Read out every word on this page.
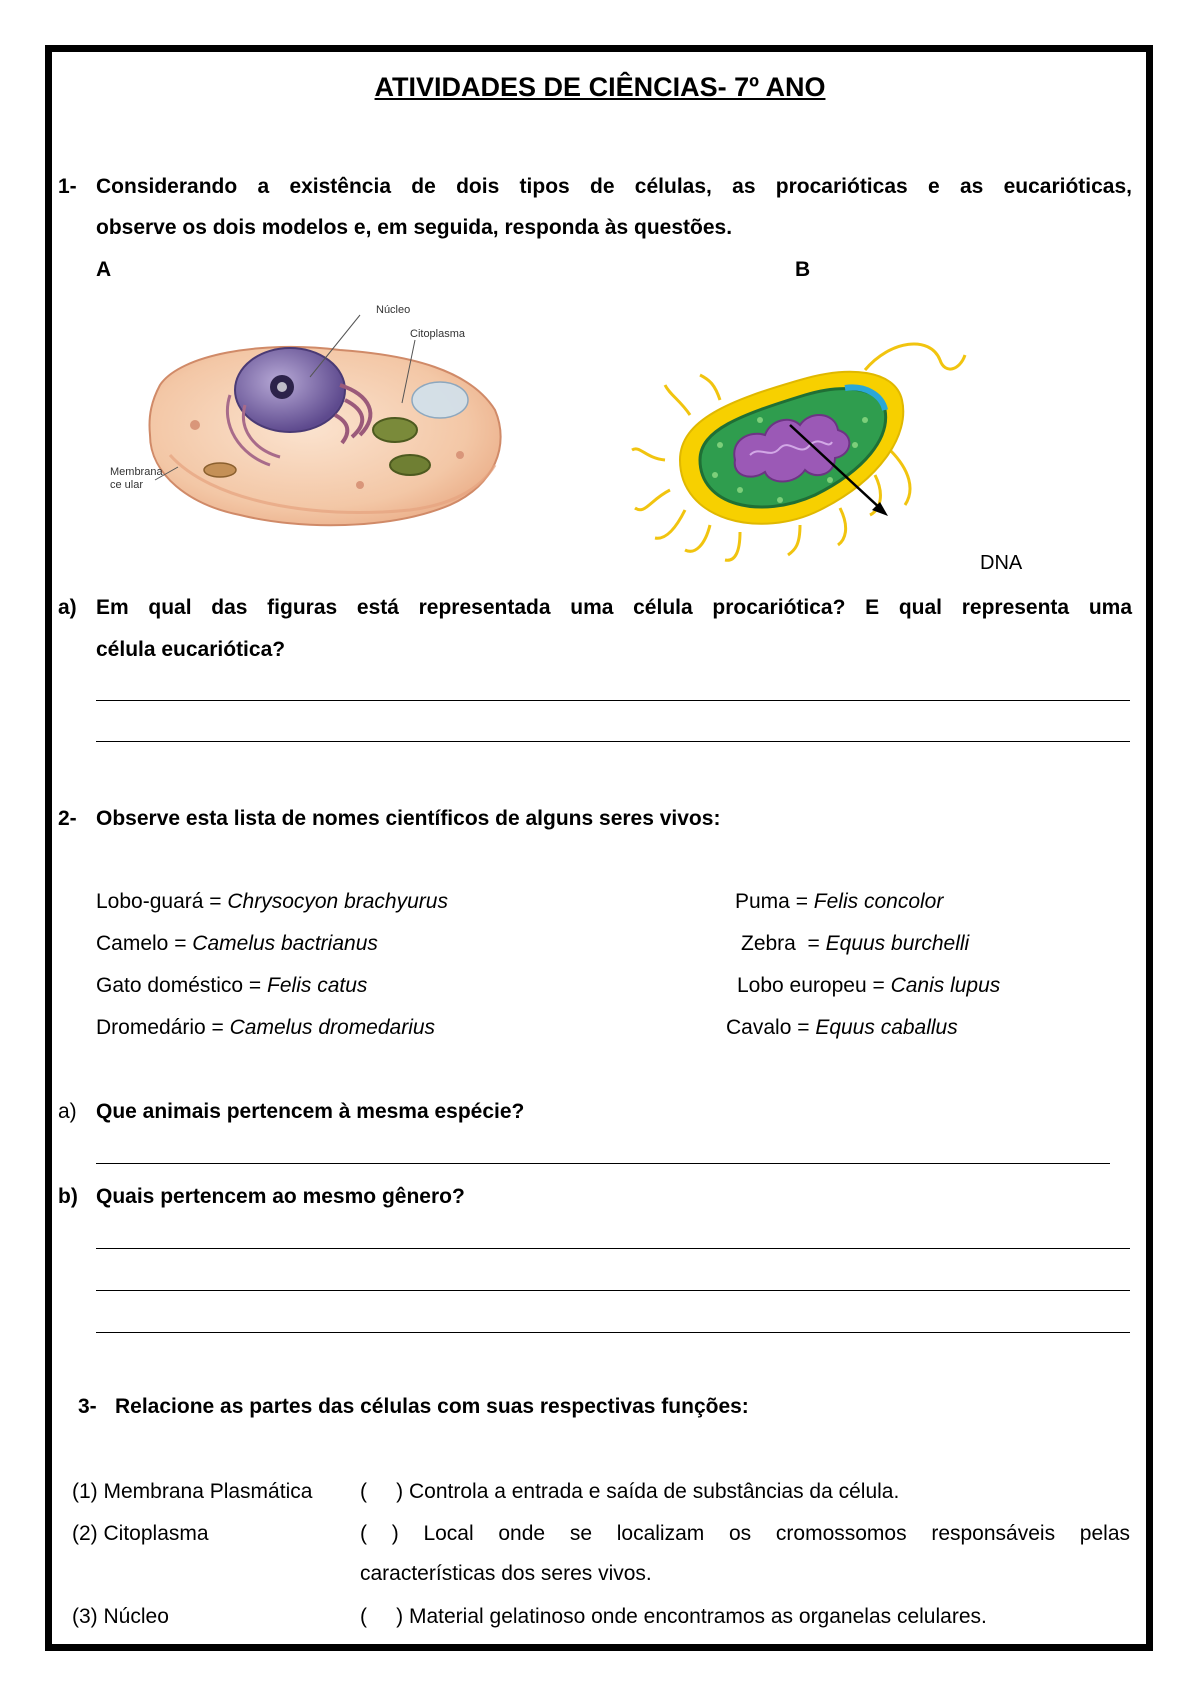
ATIVIDADES DE CIÊNCIAS- 7º ANO
1- Considerando a existência de dois tipos de células, as procarióticas e as eucarióticas,
observe os dois modelos e, em seguida, responda às questões.
A	B
Núcleo
Citoplasma
Membrana
ce ular
DNA
a) Em qual das figuras está representada uma célula procariótica? E qual representa uma
célula eucariótica?
2- Observe esta lista de nomes científicos de alguns seres vivos:
Lobo-guará = Chrysocyon brachyurus
Camelo = Camelus bactrianus
Gato doméstico = Felis catus
Dromedário = Camelus dromedarius
Puma = Felis concolor
Zebra  = Equus burchelli
Lobo europeu = Canis lupus
Cavalo = Equus caballus
a) Que animais pertencem à mesma espécie?
b) Quais pertencem ao mesmo gênero?
3- Relacione as partes das células com suas respectivas funções:
(1) Membrana Plasmática
(2) Citoplasma
(3) Núcleo
(     ) Controla a entrada e saída de substâncias da célula.
( ) Local onde se localizam os cromossomos responsáveis pelas
características dos seres vivos.
(     ) Material gelatinoso onde encontramos as organelas celulares.
